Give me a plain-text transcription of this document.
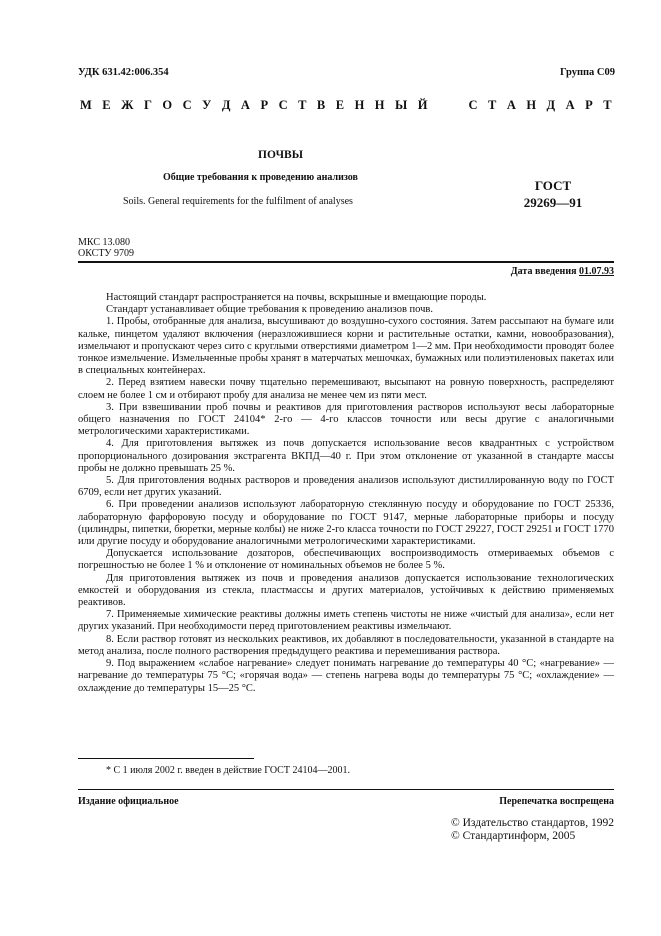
УДК 631.42:006.354	Группа С09
М Е Ж Г О С У Д А Р С Т В Е Н Н Ы Й	С Т А Н Д А Р Т
ПОЧВЫ
Общие требования к проведению анализов
Soils. General requirements for the fulfilment of analyses
ГОСТ
29269—91
МКС 13.080
ОКСТУ 9709
Дата введения 01.07.93

Настоящий стандарт распространяется на почвы, вскрышные и вмещающие породы.

Стандарт устанавливает общие требования к проведению анализов почв.

1. Пробы, отобранные для анализа, высушивают до воздушно-сухого состояния. Затем рассыпают на бумаге или кальке, пинцетом удаляют включения (неразложившиеся корни и растительные остатки, камни, новообразования), измельчают и пропускают через сито с круглыми отверстиями диаметром 1—2 мм. При необходимости проводят более тонкое измельчение. Измельченные пробы хранят в матерчатых мешочках, бумажных или полиэтиленовых пакетах или в специальных контейнерах.

2. Перед взятием навески почву тщательно перемешивают, высыпают на ровную поверхность, распределяют слоем не более 1 см и отбирают пробу для анализа не менее чем из пяти мест.

3. При взвешивании проб почвы и реактивов для приготовления растворов используют весы лабораторные общего назначения по ГОСТ 24104* 2-го — 4-го классов точности или весы другие с аналогичными метрологическими характеристиками.

4. Для приготовления вытяжек из почв допускается использование весов квадрантных с устройством пропорционального дозирования экстрагента ВКПД—40 г. При этом отклонение от указанной в стандарте массы пробы не должно превышать 25 %.

5. Для приготовления водных растворов и проведения анализов используют дистиллированную воду по ГОСТ 6709, если нет других указаний.

6. При проведении анализов используют лабораторную стеклянную посуду и оборудование по ГОСТ 25336, лабораторную фарфоровую посуду и оборудование по ГОСТ 9147, мерные лабораторные приборы и посуду (цилиндры, пипетки, бюретки, мерные колбы) не ниже 2-го класса точности по ГОСТ 29227, ГОСТ 29251 и ГОСТ 1770 или другие посуду и оборудование аналогичными метрологическими характеристиками.

Допускается использование дозаторов, обеспечивающих воспроизводимость отмериваемых объемов с погрешностью не более 1 % и отклонение от номинальных объемов не более 5 %.

Для приготовления вытяжек из почв и проведения анализов допускается использование технологических емкостей и оборудования из стекла, пластмассы и других материалов, устойчивых к действию применяемых реактивов.

7. Применяемые химические реактивы должны иметь степень чистоты не ниже «чистый для анализа», если нет других указаний. При необходимости перед приготовлением реактивы измельчают.

8. Если раствор готовят из нескольких реактивов, их добавляют в последовательности, указанной в стандарте на метод анализа, после полного растворения предыдущего реактива и перемешивания раствора.

9. Под выражением «слабое нагревание» следует понимать нагревание до температуры 40 °С; «нагревание» — нагревание до температуры 75 °С; «горячая вода» — степень нагрева воды до температуры 75 °С; «охлаждение» — охлаждение до температуры 15—25 °С.

* С 1 июля 2002 г. введен в действие ГОСТ 24104—2001.
Издание официальное	Перепечатка воспрещена
© Издательство стандартов, 1992
© Стандартинформ, 2005
